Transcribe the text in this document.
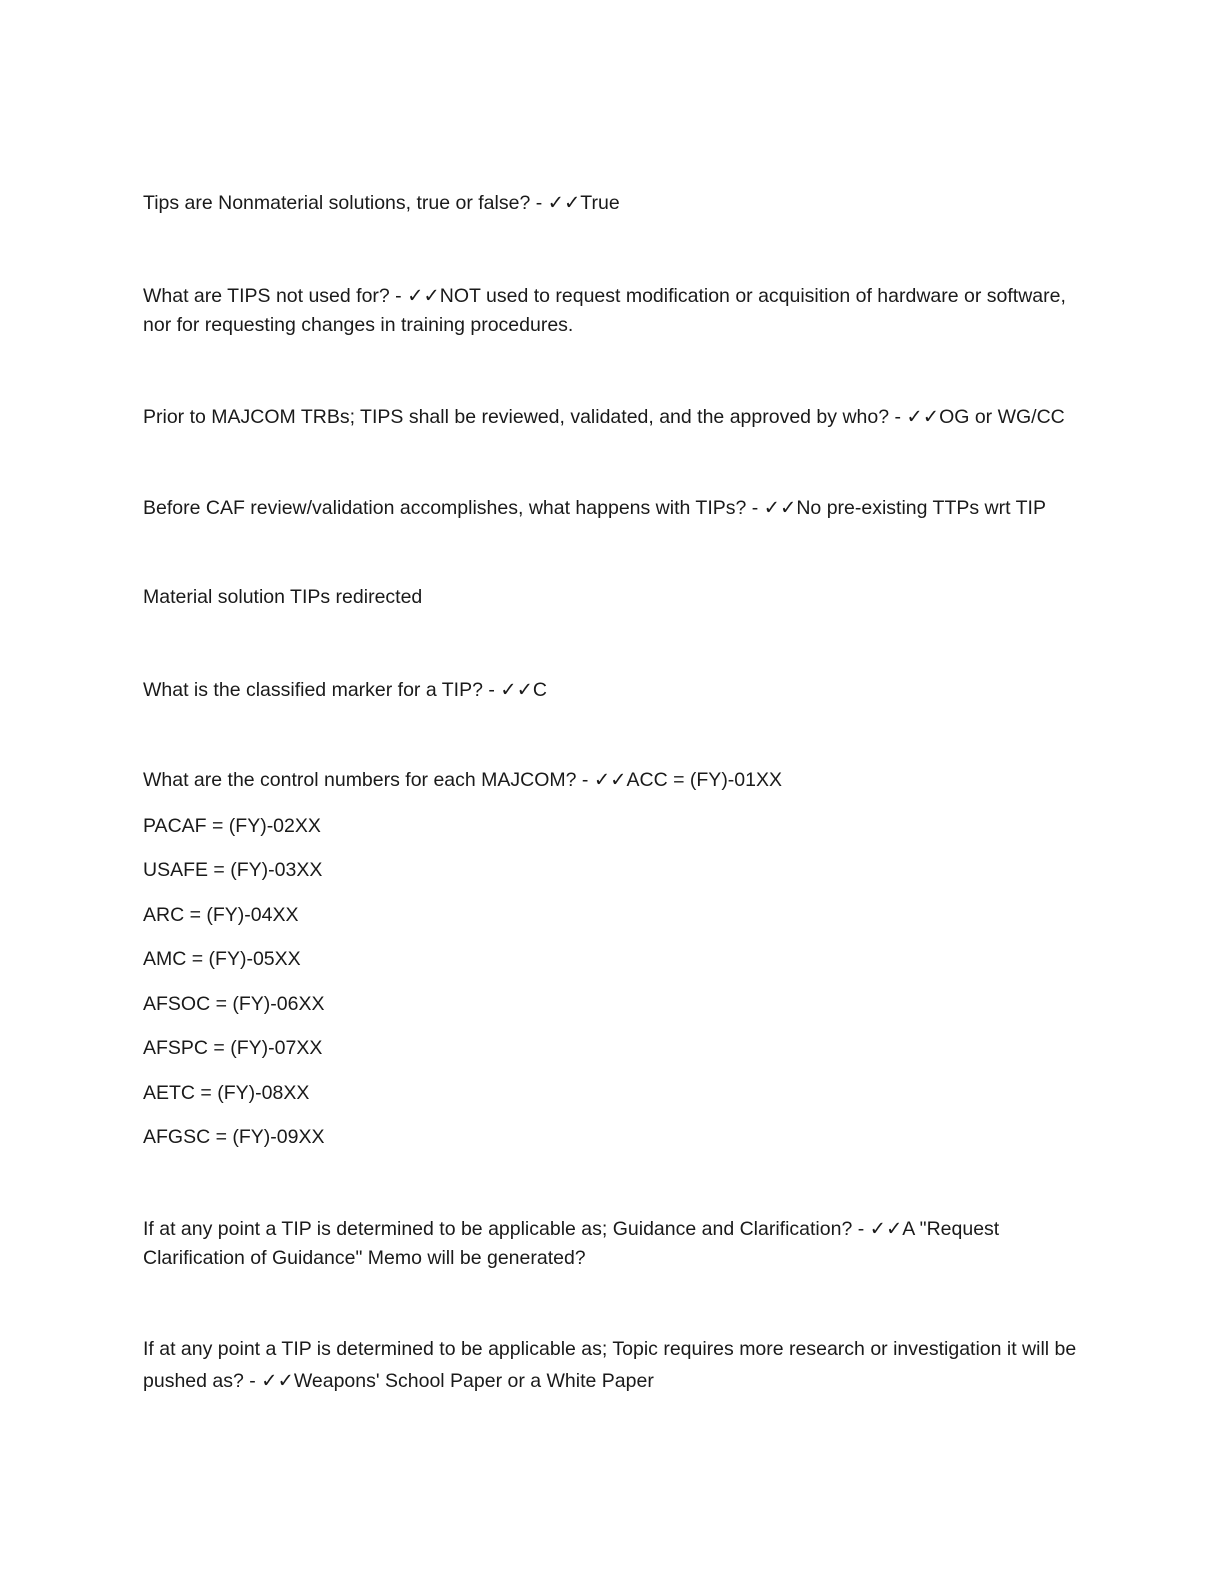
Tips are Nonmaterial solutions, true or false? - ✓✓True

What are TIPS not used for? - ✓✓NOT used to request modification or acquisition of hardware or software, nor for requesting changes in training procedures.

Prior to MAJCOM TRBs; TIPS shall be reviewed, validated, and the approved by who? - ✓✓OG or WG/CC

Before CAF review/validation accomplishes, what happens with TIPs? - ✓✓No pre-existing TTPs wrt TIP

Material solution TIPs redirected

What is the classified marker for a TIP? - ✓✓C

What are the control numbers for each MAJCOM? - ✓✓ACC = (FY)-01XX

PACAF = (FY)-02XX

USAFE = (FY)-03XX

ARC = (FY)-04XX

AMC = (FY)-05XX

AFSOC = (FY)-06XX

AFSPC = (FY)-07XX

AETC = (FY)-08XX

AFGSC = (FY)-09XX

If at any point a TIP is determined to be applicable as; Guidance and Clarification? - ✓✓A "Request Clarification of Guidance" Memo will be generated?

If at any point a TIP is determined to be applicable as; Topic requires more research or investigation it will be pushed as? - ✓✓Weapons' School Paper or a White Paper
